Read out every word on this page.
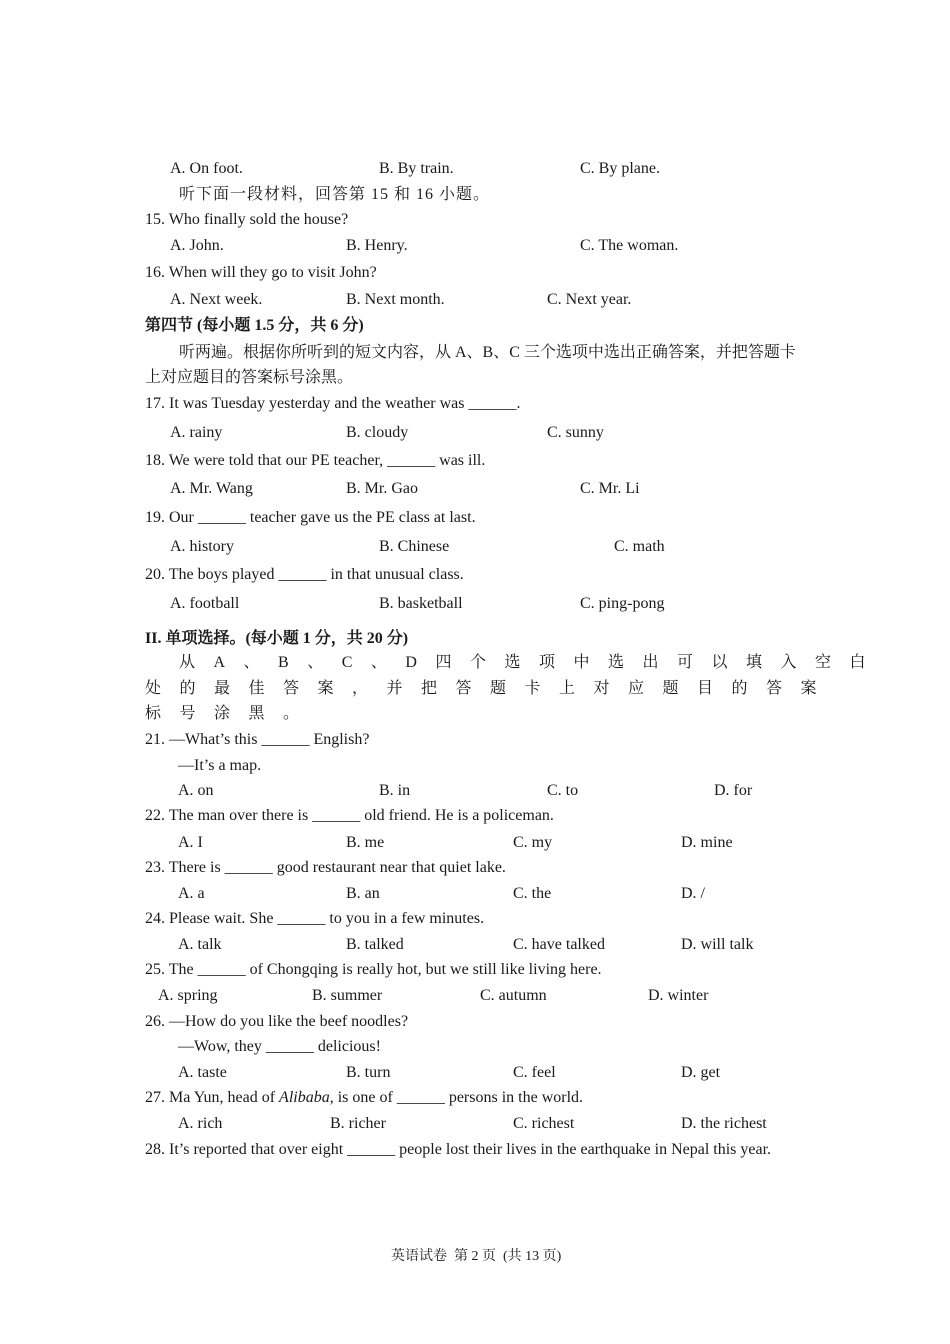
A. On foot.	B. By train.	C. By plane.
听下面一段材料，回答第 15 和 16 小题。
15. Who finally sold the house?
A. John.	B. Henry.	C. The woman.
16. When will they go to visit John?
A. Next week.	B. Next month.	C. Next year.
第四节 (每小题 1.5 分，共 6 分)
听两遍。根据你所听到的短文内容，从 A、B、C 三个选项中选出正确答案，并把答题卡
上对应题目的答案标号涂黑。
17. It was Tuesday yesterday and the weather was ______.
A. rainy	B. cloudy	C. sunny
18. We were told that our PE teacher, ______ was ill.
A. Mr. Wang	B. Mr. Gao	C. Mr. Li
19. Our ______ teacher gave us the PE class at last.
A. history	B. Chinese	C. math
20. The boys played ______ in that unusual class.
A. football	B. basketball	C. ping-pong
II. 单项选择。(每小题 1 分，共 20 分)
从A、B、C、D四个选项中选出可以填入空白
处的最佳答案，并把答题卡上对应题目的答案
标号涂黑。
21. —What’s this ______ English?
—It’s a map.
A. on	B. in	C. to	D. for
22. The man over there is ______ old friend. He is a policeman.
A. I	B. me	C. my	D. mine
23. There is ______ good restaurant near that quiet lake.
A. a	B. an	C. the	D. /
24. Please wait. She ______ to you in a few minutes.
A. talk	B. talked	C. have talked	D. will talk
25. The ______ of Chongqing is really hot, but we still like living here.
A. spring	B. summer	C. autumn	D. winter
26. —How do you like the beef noodles?
—Wow, they ______ delicious!
A. taste	B. turn	C. feel	D. get
27. Ma Yun, head of Alibaba, is one of ______ persons in the world.
A. rich	B. richer	C. richest	D. the richest
28. It’s reported that over eight ______ people lost their lives in the earthquake in Nepal this year.
英语试卷  第 2 页  (共 13 页)
